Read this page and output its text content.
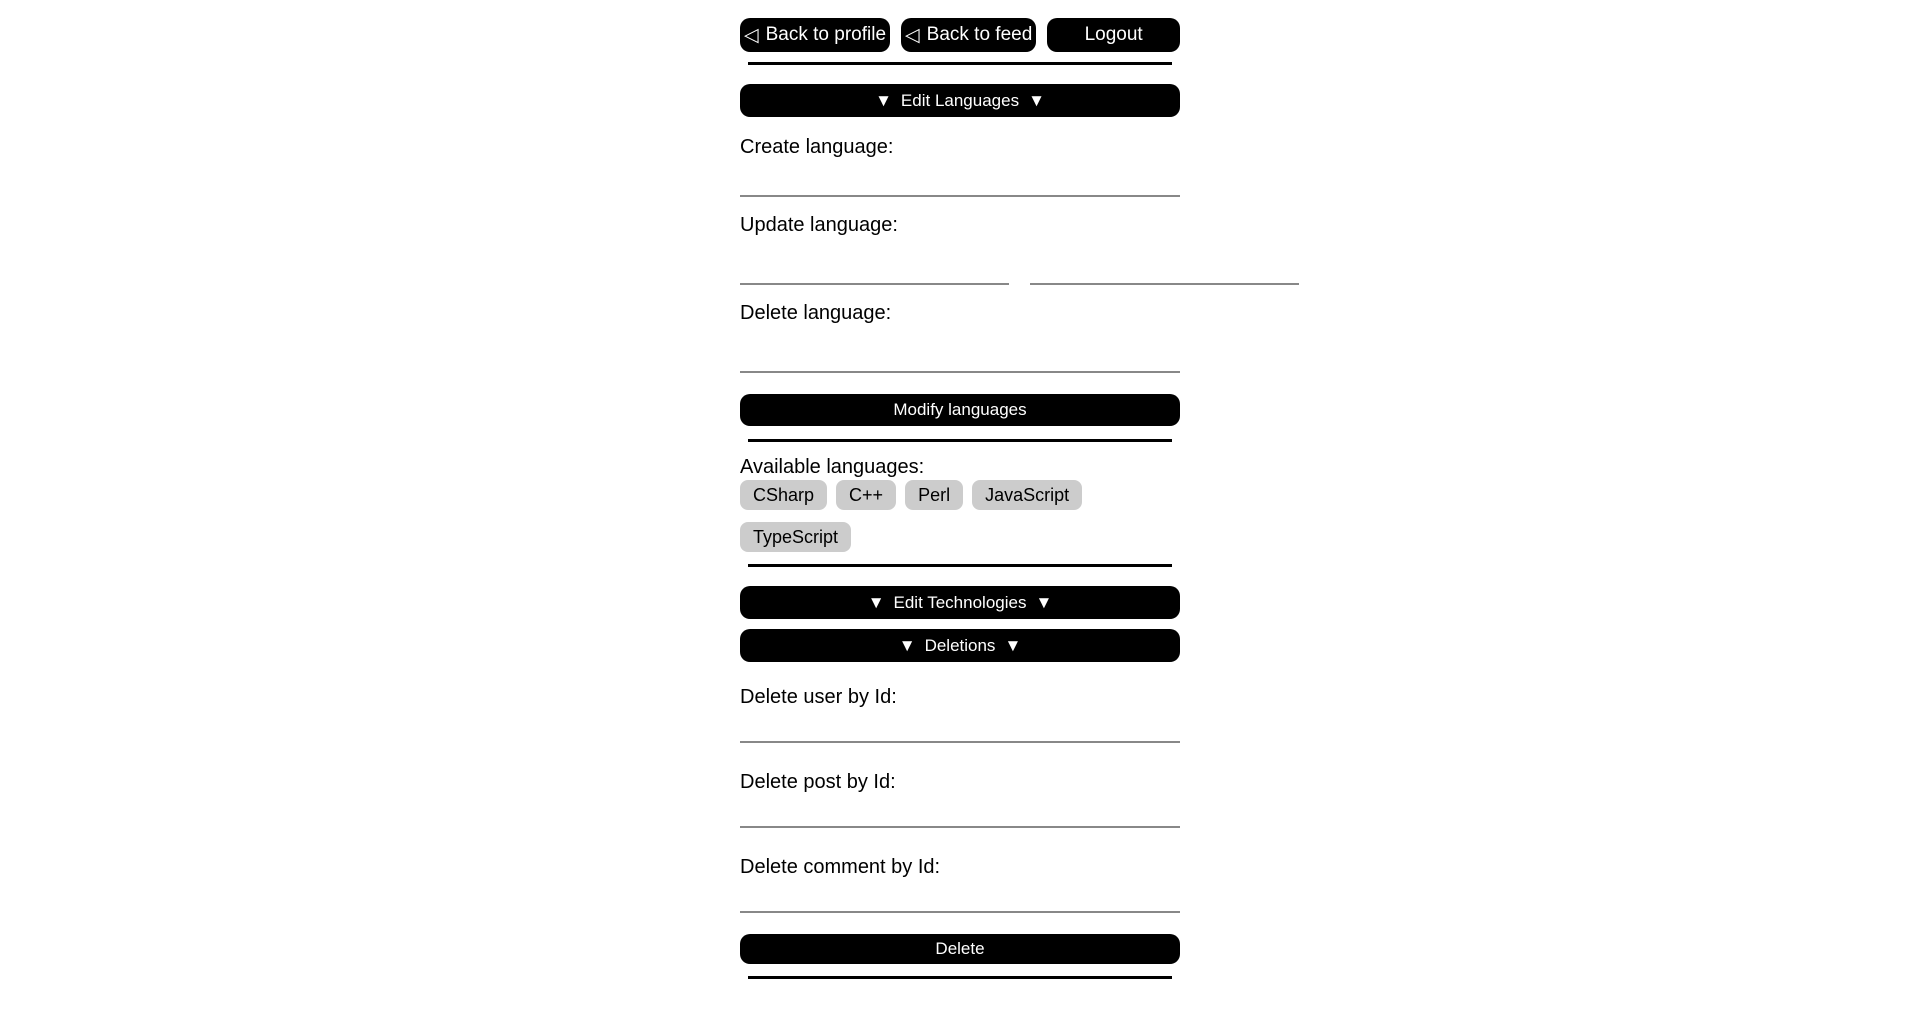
◁ Back to profile ◁ Back to feed	Logout
▼ Edit Languages ▼

Create language:

Update language:

Delete language:

Modify languages

Available languages:

CSharp	C++	Perl	JavaScript
TypeScript
▼ Edit Technologies ▼
▼ Deletions ▼

Delete user by Id:

Delete post by Id:

Delete comment by Id:

Delete
